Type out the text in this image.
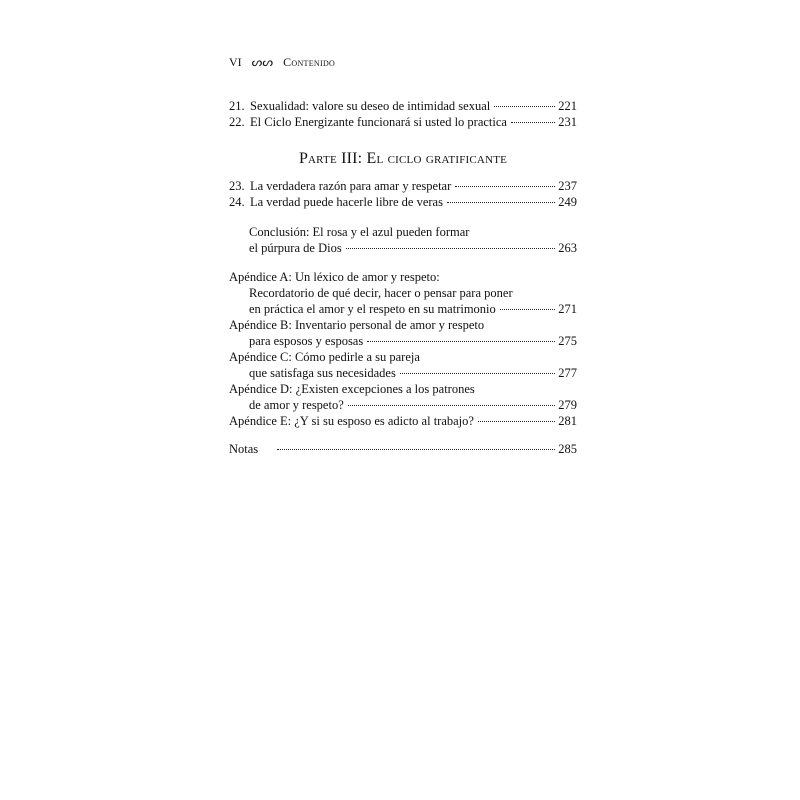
VI ᔕᔕ Contenido
21. Sexualidad: valore su deseo de intimidad sexual	221
22. El Ciclo Energizante funcionará si usted lo practica	231
Parte III: El ciclo gratificante
23. La verdadera razón para amar y respetar	237
24. La verdad puede hacerle libre de veras	249
Conclusión: El rosa y el azul pueden formar
el púrpura de Dios	263
Apéndice A: Un léxico de amor y respeto:
Recordatorio de qué decir, hacer o pensar para poner
en práctica el amor y el respeto en su matrimonio	271
Apéndice B: Inventario personal de amor y respeto
para esposos y esposas	275
Apéndice C: Cómo pedirle a su pareja
que satisfaga sus necesidades	277
Apéndice D: ¿Existen excepciones a los patrones
de amor y respeto?	279
Apéndice E: ¿Y si su esposo es adicto al trabajo?	281
Notas	285
